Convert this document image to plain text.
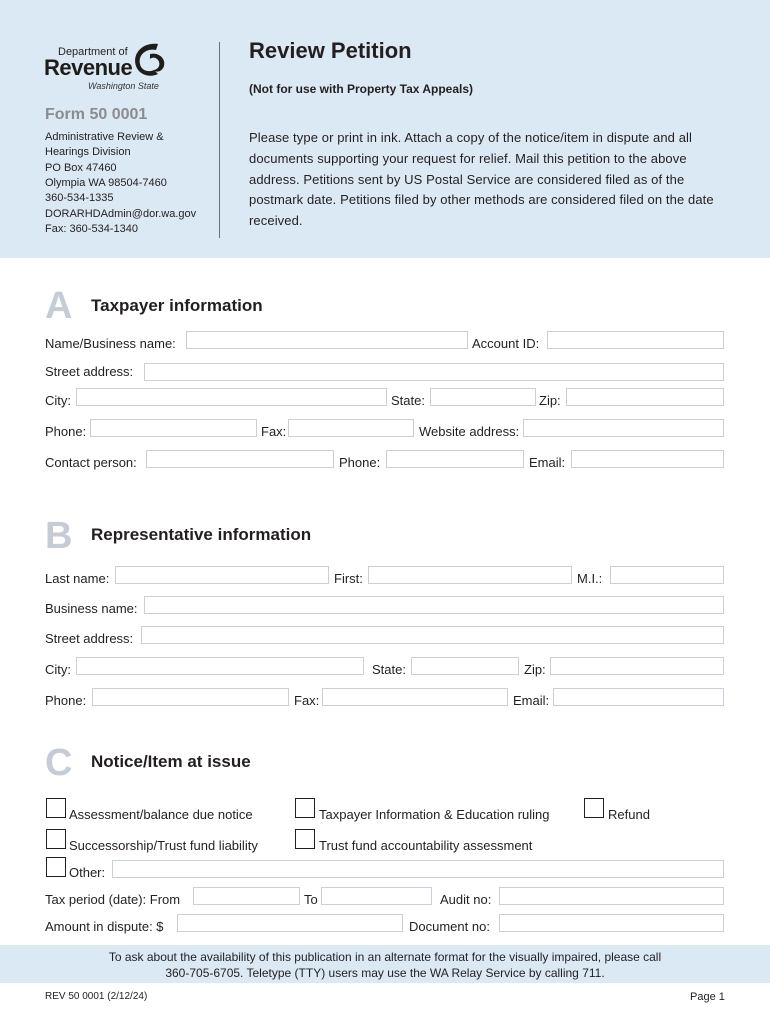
Department of
Revenue
Washington State
Form 50 0001
Administrative Review &
Hearings Division
PO Box 47460
Olympia WA 98504-7460
360-534-1335
DORARHDAdmin@dor.wa.gov
Fax: 360-534-1340
Review Petition
(Not for use with Property Tax Appeals)
Please type or print in ink. Attach a copy of the notice/item in dispute and all documents supporting your request for relief. Mail this petition to the above address. Petitions sent by US Postal Service are considered filed as of the postmark date. Petitions filed by other methods are considered filed on the date received.
A Taxpayer information
Name/Business name:	Account ID:
Street address:
City:	State:	Zip:
Phone:	Fax:	Website address:
Contact person:	Phone:	Email:
B Representative information
Last name:	First:	M.I.:
Business name:
Street address:
City:	State:	Zip:
Phone:	Fax:	Email:
C Notice/Item at issue
Assessment/balance due notice	Taxpayer Information & Education ruling	Refund
Successorship/Trust fund liability	Trust fund accountability assessment
Other:
Tax period (date): From	To	Audit no:
Amount in dispute: $	Document no:
To ask about the availability of this publication in an alternate format for the visually impaired, please call
360-705-6705. Teletype (TTY) users may use the WA Relay Service by calling 711.
REV 50 0001 (2/12/24)	Page 1
